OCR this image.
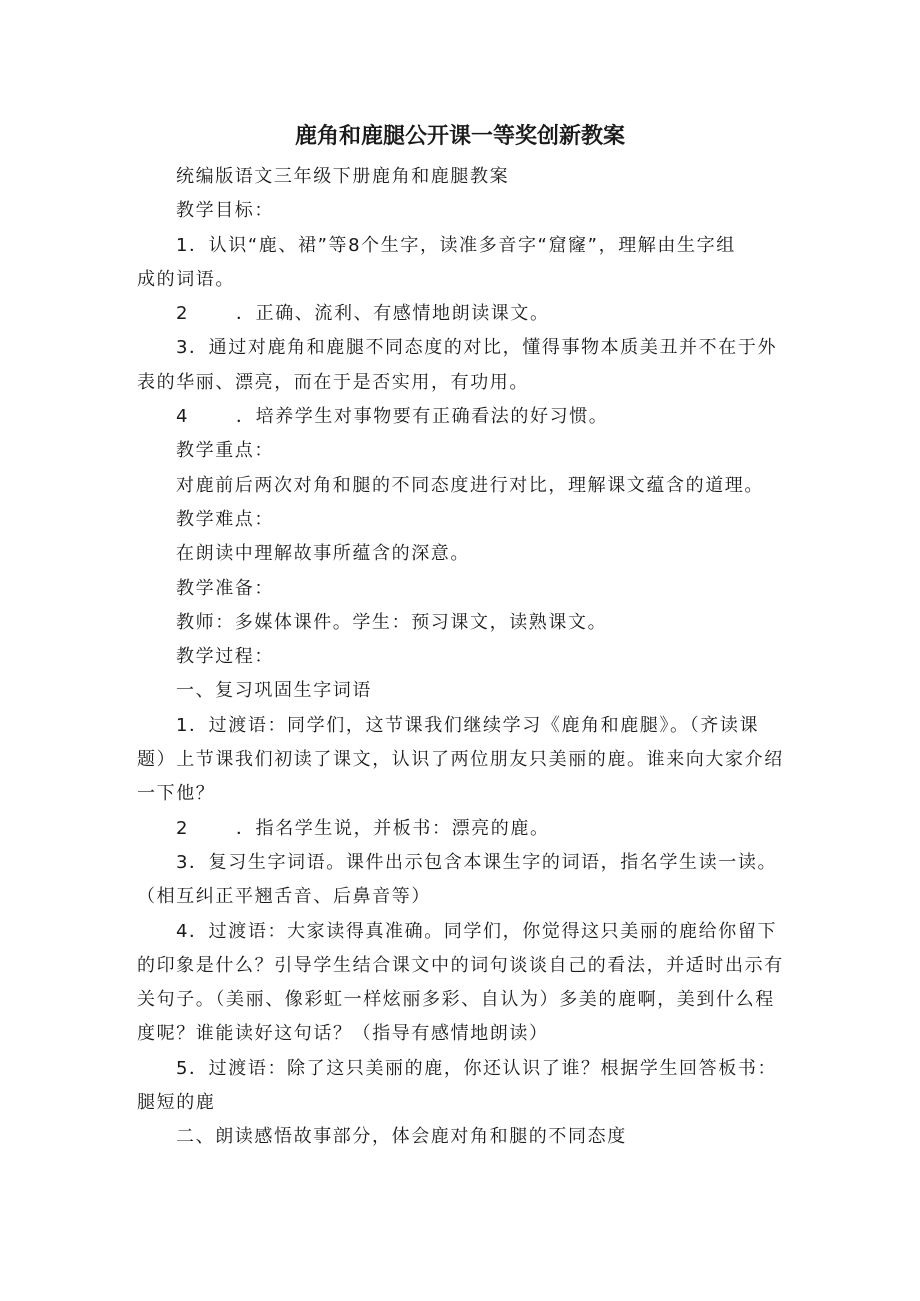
鹿角和鹿腿公开课一等奖创新教案
统编版语文三年级下册鹿角和鹿腿教案
教学目标：
1．认识“鹿、裙”等8个生字，读准多音字“窟窿”，理解由生字组
成的词语。
2	．正确、流利、有感情地朗读课文。
3．通过对鹿角和鹿腿不同态度的对比，懂得事物本质美丑并不在于外
表的华丽、漂亮，而在于是否实用，有功用。
4	．培养学生对事物要有正确看法的好习惯。
教学重点：
对鹿前后两次对角和腿的不同态度进行对比，理解课文蕴含的道理。
教学难点：
在朗读中理解故事所蕴含的深意。
教学准备：
教师：多媒体课件。学生：预习课文，读熟课文。
教学过程：
一、复习巩固生字词语
1．过渡语：同学们，这节课我们继续学习《鹿角和鹿腿》。（齐读课
题）上节课我们初读了课文，认识了两位朋友只美丽的鹿。谁来向大家介绍
一下他？
2	．指名学生说，并板书：漂亮的鹿。
3．复习生字词语。课件出示包含本课生字的词语，指名学生读一读。
（相互纠正平翘舌音、后鼻音等）
4．过渡语：大家读得真准确。同学们，你觉得这只美丽的鹿给你留下
的印象是什么？引导学生结合课文中的词句谈谈自己的看法，并适时出示有
关句子。（美丽、像彩虹一样炫丽多彩、自认为）多美的鹿啊，美到什么程
度呢？谁能读好这句话？（指导有感情地朗读）
5．过渡语：除了这只美丽的鹿，你还认识了谁？根据学生回答板书：
腿短的鹿
二、朗读感悟故事部分，体会鹿对角和腿的不同态度
